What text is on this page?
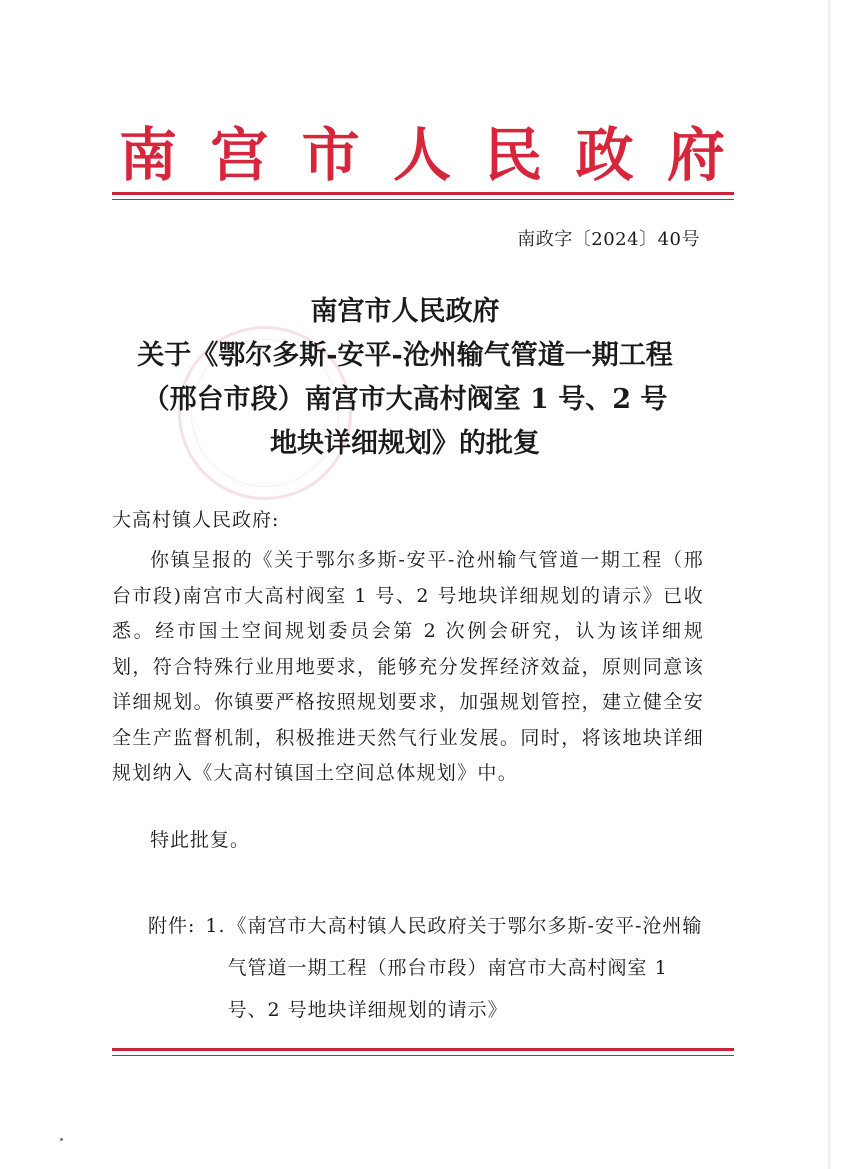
南 宫 市 人 民 政 府
南政字〔2024〕40号
南宫市人民政府
关于《鄂尔多斯-安平-沧州输气管道一期工程
（邢台市段）南宫市大高村阀室 1 号、2 号
地块详细规划》的批复
大高村镇人民政府:
你镇呈报的《关于鄂尔多斯-安平-沧州输气管道一期工程（邢台市段)南宫市大高村阀室 1 号、2 号地块详细规划的请示》已收悉。经市国土空间规划委员会第 2 次例会研究，认为该详细规划，符合特殊行业用地要求，能够充分发挥经济效益，原则同意该详细规划。你镇要严格按照规划要求，加强规划管控，建立健全安全生产监督机制，积极推进天然气行业发展。同时，将该地块详细规划纳入《大高村镇国土空间总体规划》中。
特此批复。
附件: 1. 《南宫市大高村镇人民政府关于鄂尔多斯-安平-沧州输气管道一期工程（邢台市段）南宫市大高村阀室 1 号、2 号地块详细规划的请示》
